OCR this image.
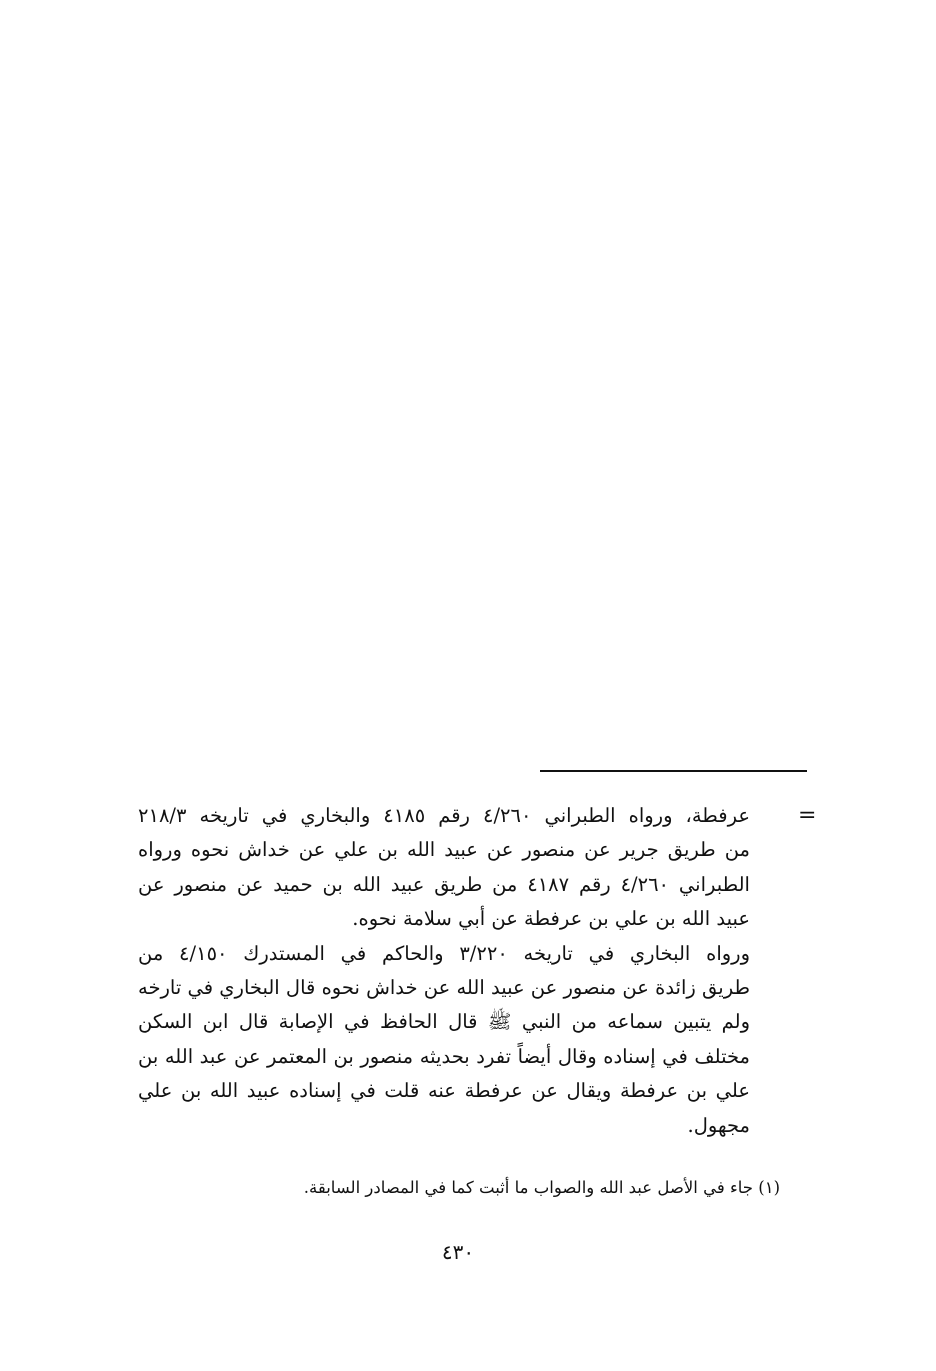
=
عرفطة، ورواه الطبراني ٤/٢٦٠ رقم ٤١٨٥ والبخاري في تاريخه ٢١٨/٣
من طريق جرير عن منصور عن عبيد الله بن علي عن خداش نحوه ورواه
الطبراني ٤/٢٦٠ رقم ٤١٨٧ من طريق عبيد الله بن حميد عن منصور عن
عبيد الله بن علي بن عرفطة عن أبي سلامة نحوه.
ورواه البخاري في تاريخه ٣/٢٢٠ والحاكم في المستدرك ٤/١٥٠ من
طريق زائدة عن منصور عن عبيد الله عن خداش نحوه قال البخاري في تارخه
ولم يتبين سماعه من النبي ﷺ قال الحافظ في الإصابة قال ابن السكن
مختلف في إسناده وقال أيضاً تفرد بحديثه منصور بن المعتمر عن عبد الله بن
علي بن عرفطة ويقال عن عرفطة عنه قلت في إسناده عبيد الله بن علي
مجهول.
(١) جاء في الأصل عبد الله والصواب ما أثبت كما في المصادر السابقة.
٤٣٠
